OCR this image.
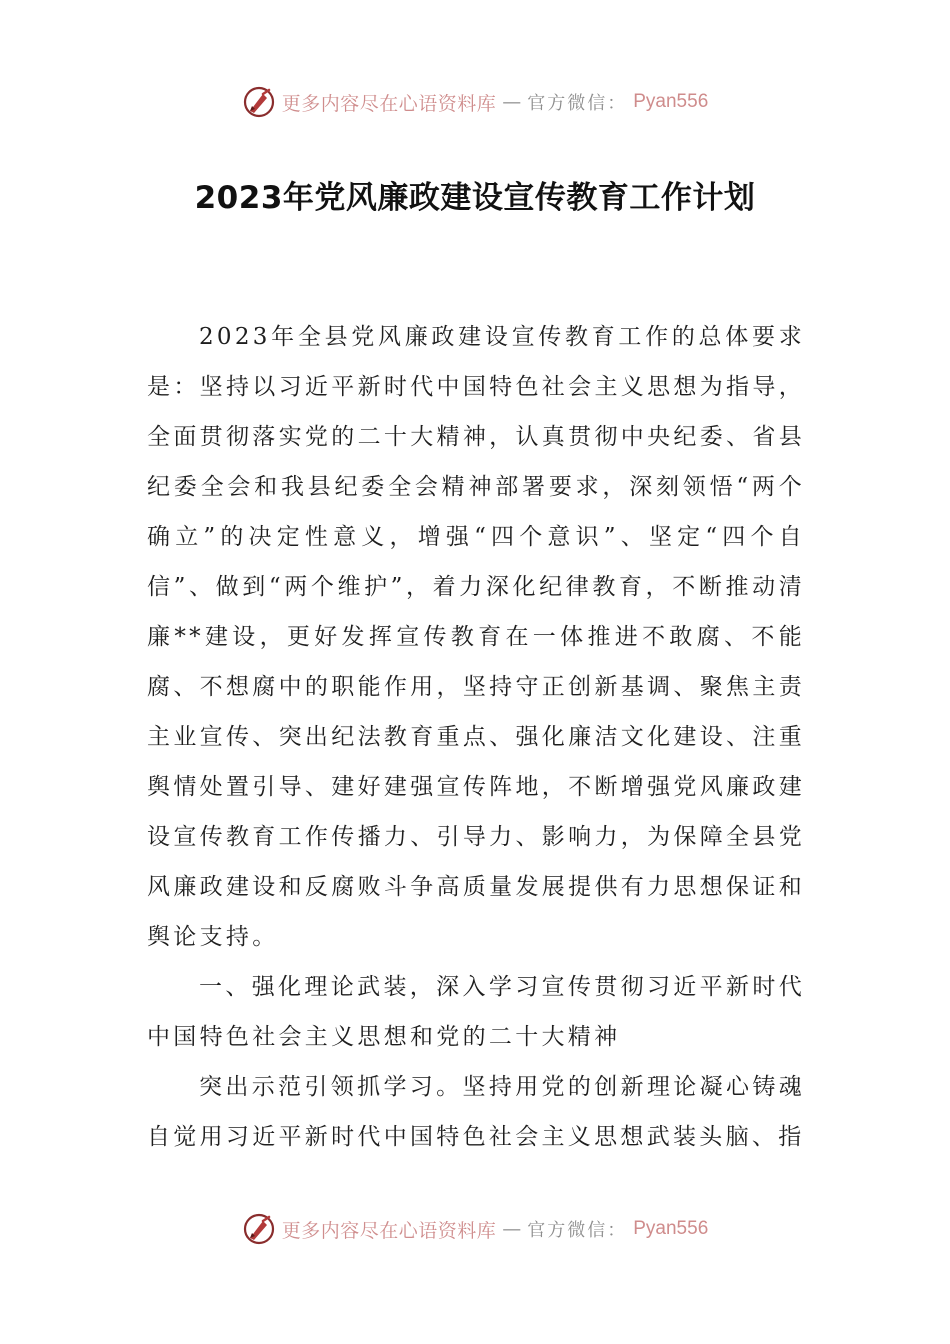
更多内容尽在心语资料库 — 官方微信： Pyan556
2023年党风廉政建设宣传教育工作计划

2023年全县党风廉政建设宣传教育工作的总体要求是：坚持以习近平新时代中国特色社会主义思想为指导，全面贯彻落实党的二十大精神，认真贯彻中央纪委、省县纪委全会和我县纪委全会精神部署要求，深刻领悟“两个确立”的决定性意义，增强“四个意识”、坚定“四个自信”、做到“两个维护”，着力深化纪律教育，不断推动清廉**建设，更好发挥宣传教育在一体推进不敢腐、不能腐、不想腐中的职能作用，坚持守正创新基调、聚焦主责主业宣传、突出纪法教育重点、强化廉洁文化建设、注重舆情处置引导、建好建强宣传阵地，不断增强党风廉政建设宣传教育工作传播力、引导力、影响力，为保障全县党风廉政建设和反腐败斗争高质量发展提供有力思想保证和舆论支持。

一、强化理论武装，深入学习宣传贯彻习近平新时代中国特色社会主义思想和党的二十大精神

突出示范引领抓学习。坚持用党的创新理论凝心铸魂自觉用习近平新时代中国特色社会主义思想武装头脑、指

更多内容尽在心语资料库 — 官方微信： Pyan556
